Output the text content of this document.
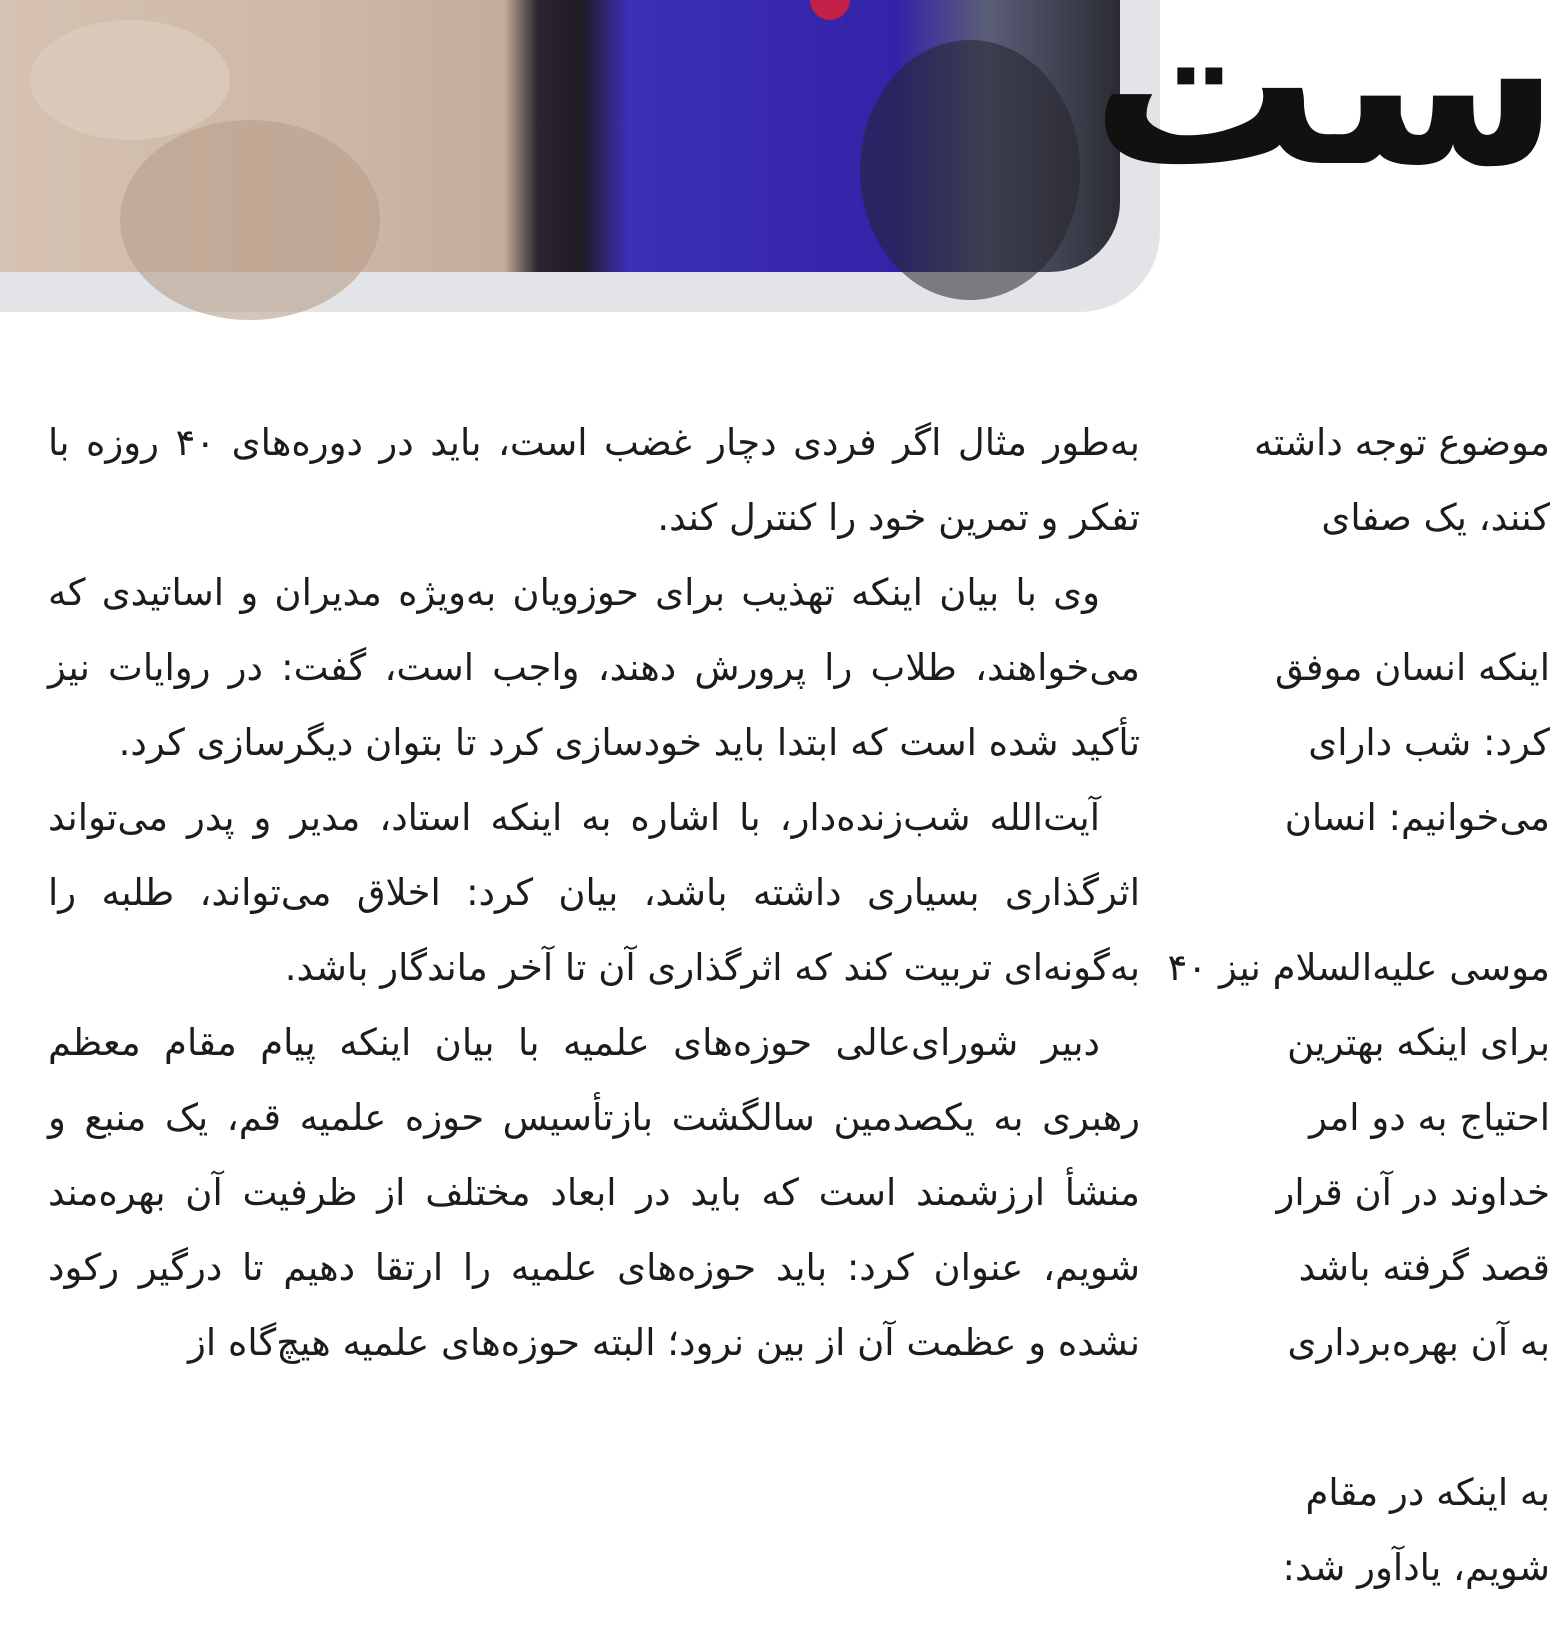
ست

به‌طور مثال اگر فردی دچار غضب است، باید در دوره‌های ۴۰ روزه با تفکر و تمرین خود را کنترل کند.

وی با بیان اینکه تهذیب برای حوزویان به‌ویژه مدیران و اساتیدی که می‌خواهند، طلاب را پرورش دهند، واجب است، گفت: در روایات نیز تأکید شده است که ابتدا باید خودسازی کرد تا بتوان دیگرسازی کرد.

آیت‌الله شب‌زنده‌دار، با اشاره به اینکه استاد، مدیر و پدر می‌تواند اثرگذاری بسیاری داشته باشد، بیان کرد: اخلاق می‌تواند، طلبه را به‌گونه‌ای تربیت کند که اثرگذاری آن تا آخر ماندگار باشد.

دبیر شورای‌عالی حوزه‌های علمیه با بیان اینکه پیام مقام معظم رهبری به یکصدمین سالگشت بازتأسیس حوزه علمیه قم، یک منبع و منشأ ارزشمند است که باید در ابعاد مختلف از ظرفیت آن بهره‌مند شویم، عنوان کرد: باید حوزه‌های علمیه را ارتقا دهیم تا درگیر رکود نشده و عظمت آن از بین نرود؛ البته حوزه‌های علمیه هیچ‌گاه از

موضوع توجه داشته
کنند، یک صفای
اینکه انسان موفق
کرد: شب دارای
می‌خوانیم: انسان
موسی علیه‌السلام نیز ۴۰
برای اینکه بهترین
احتیاج به دو امر
خداوند در آن قرار
قصد گرفته باشد
به آن بهره‌برداری
به اینکه در مقام
شویم، یادآور شد:
